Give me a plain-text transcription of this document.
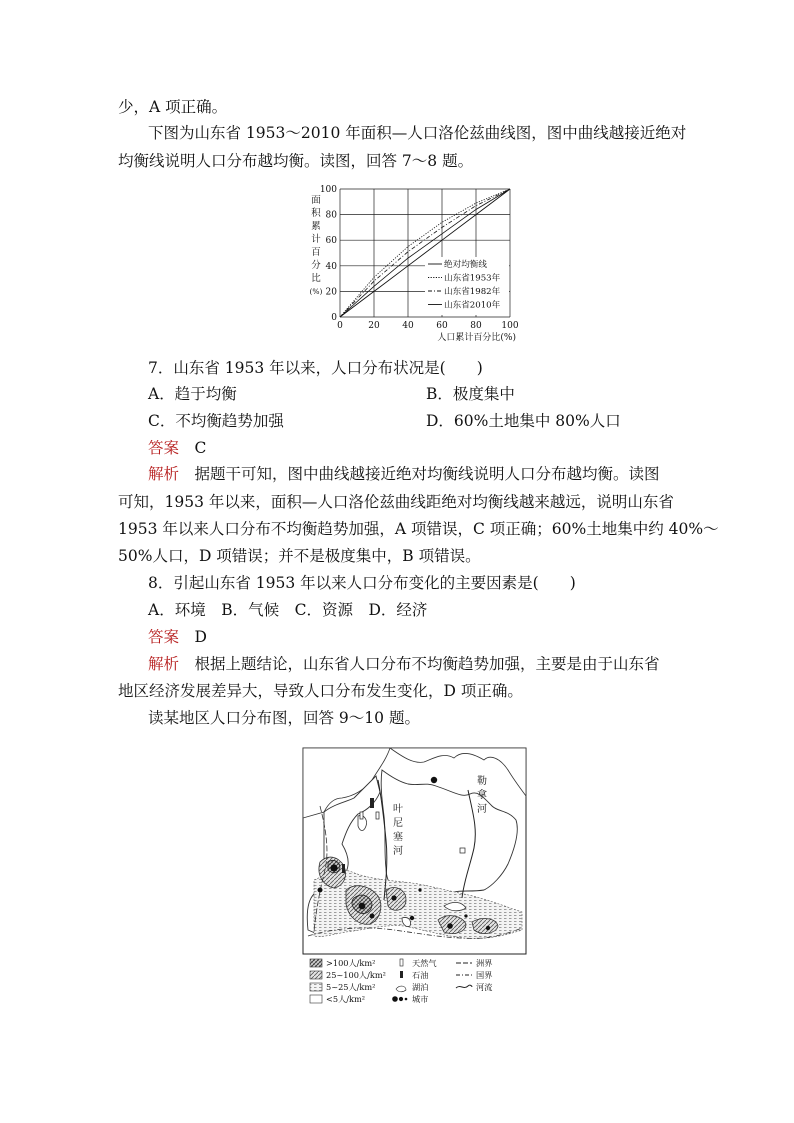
少，A 项正确。
下图为山东省 1953～2010 年面积—人口洛伦兹曲线图，图中曲线越接近绝对
均衡线说明人口分布越均衡。读图，回答 7～8 题。
面
积
累
计
百
分
比
(%)
0
20
40
60
80
100
0	20	40	60	80 100
人口累计百分比(%)
绝对均衡线
山东省1953年
山东省1982年
山东省2010年
7．山东省 1953 年以来，人口分布状况是(　　)
A．趋于均衡	B．极度集中
C．不均衡趋势加强	D．60%土地集中 80%人口
答案　 C
解析　 据题干可知，图中曲线越接近绝对均衡线说明人口分布越均衡。读图
可知，1953 年以来，面积—人口洛伦兹曲线距绝对均衡线越来越远，说明山东省
1953 年以来人口分布不均衡趋势加强，A 项错误，C 项正确；60%土地集中约 40%～
50%人口，D 项错误；并不是极度集中，B 项错误。
8．引起山东省 1953 年以来人口分布变化的主要因素是(　　)
A．环境　B．气候　C．资源　D．经济
答案　 D
解析　 根据上题结论，山东省人口分布不均衡趋势加强，主要是由于山东省
地区经济发展差异大，导致人口分布发生变化，D 项正确。
读某地区人口分布图，回答 9～10 题。
叶
尼
塞
河
勒
拿
河
>100人/km²
25~100人/km²
5~25人/km²
<5人/km²
天然气
石油
湖泊
城市
洲界
国界
河流
